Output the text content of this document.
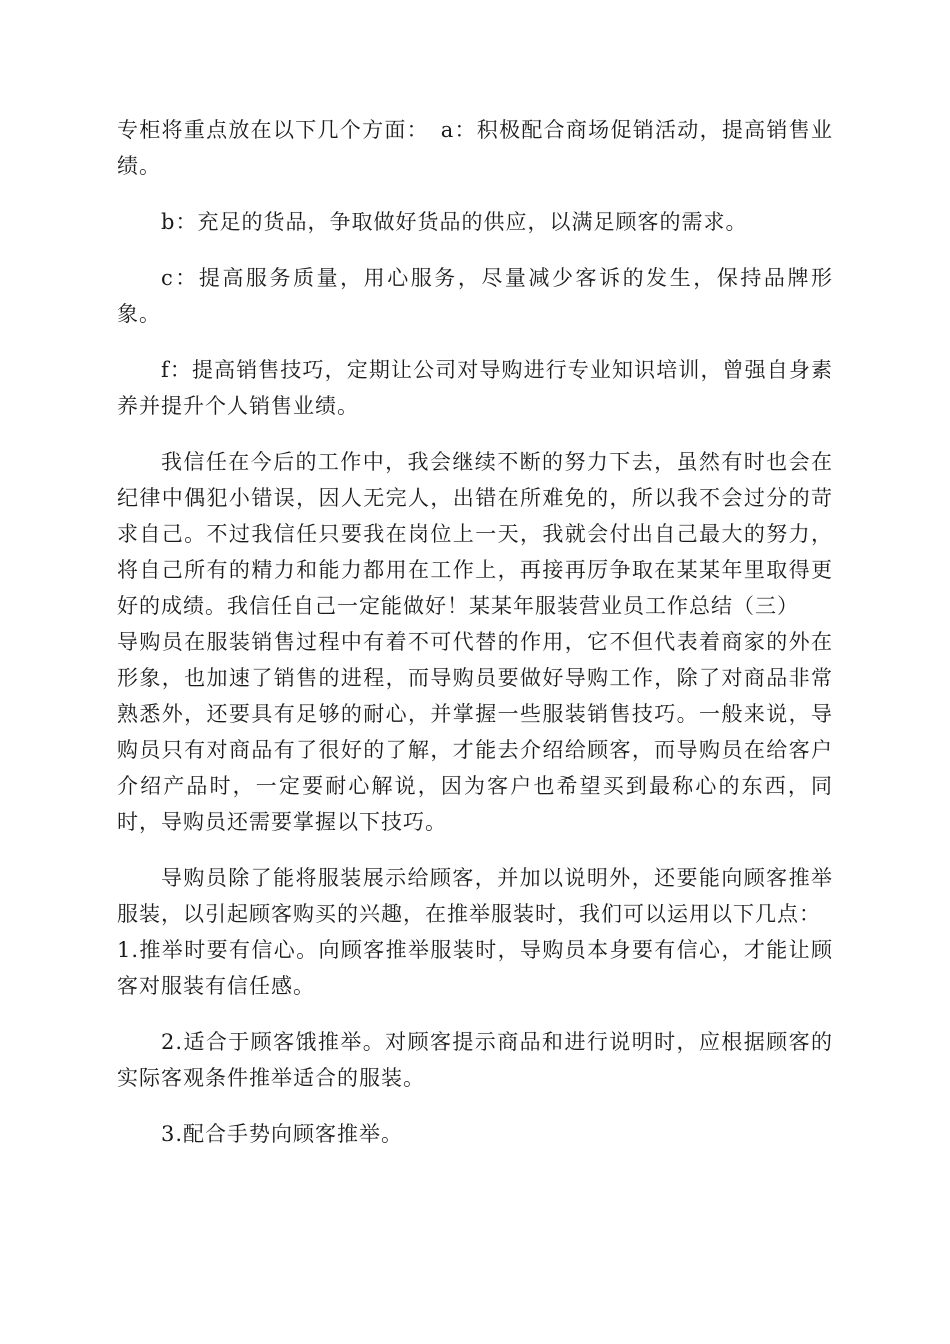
专柜将重点放在以下几个方面：　a：积极配合商场促销活动，提高销售业绩。

b：充足的货品，争取做好货品的供应，以满足顾客的需求。

c：提高服务质量，用心服务，尽量减少客诉的发生，保持品牌形象。

f：提高销售技巧，定期让公司对导购进行专业知识培训，曾强自身素养并提升个人销售业绩。

我信任在今后的工作中，我会继续不断的努力下去，虽然有时也会在纪律中偶犯小错误，因人无完人，出错在所难免的，所以我不会过分的苛求自己。不过我信任只要我在岗位上一天，我就会付出自己最大的努力，将自己所有的精力和能力都用在工作上，再接再厉争取在某某年里取得更好的成绩。我信任自己一定能做好！某某年服装营业员工作总结（三）

导购员在服装销售过程中有着不可代替的作用，它不但代表着商家的外在形象，也加速了销售的进程，而导购员要做好导购工作，除了对商品非常熟悉外，还要具有足够的耐心，并掌握一些服装销售技巧。一般来说，导购员只有对商品有了很好的了解，才能去介绍给顾客，而导购员在给客户介绍产品时，一定要耐心解说，因为客户也希望买到最称心的东西，同时，导购员还需要掌握以下技巧。

导购员除了能将服装展示给顾客，并加以说明外，还要能向顾客推举服装，以引起顾客购买的兴趣，在推举服装时，我们可以运用以下几点：

1.推举时要有信心。向顾客推举服装时，导购员本身要有信心，才能让顾客对服装有信任感。

2.适合于顾客饿推举。对顾客提示商品和进行说明时，应根据顾客的实际客观条件推举适合的服装。

3.配合手势向顾客推举。
